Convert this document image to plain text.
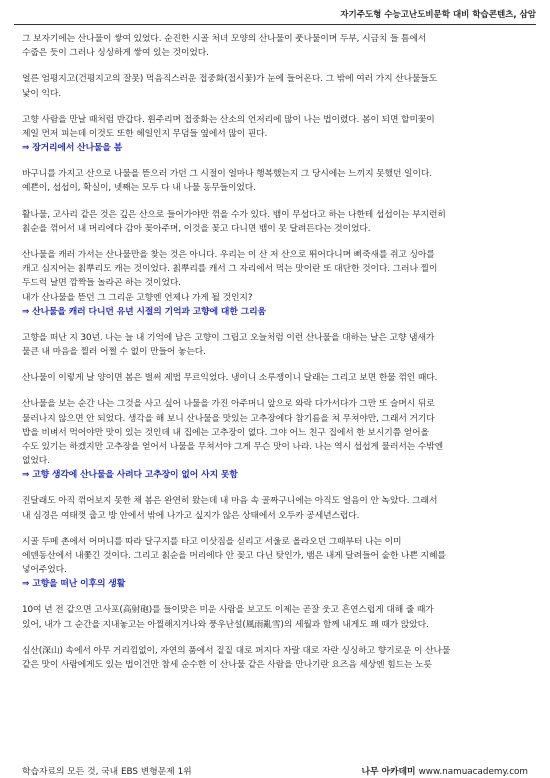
자기주도형 수능고난도비문학 대비 학습콘텐츠, 삼암

그 보자기에는 산나물이 쌓여 있었다. 순진한 시골 처녀 모양의 산나물이 풋나물이며 두부, 시금치 들 틈에서

수줍은 듯이 그러나 싱싱하게 쌓여 있는 것이었다.

얼른 엄평지고(건평지고의 잘못) 먹음직스러운 접중화(접시꽃)가 눈에 들어온다. 그 밖에 여러 가지 산나물들도

낯이 익다.

고향 사람을 만날 때처럼 반갑다. 휜주리며 접중화는 산소의 언저리에 많이 나는 법이렸다. 봄이 되면 할미꽃이

제일 먼저 피는데 이것도 또한 헤일인지 무덤들 옆에서 많이 핀다.

⇒ 장거리에서 산나물을 봄

바구니를 가지고 산으로 나물을 뜯으러 가던 그 시절이 얼마나 행복했는지 그 당시에는 느끼지 못했던 일이다.

예쁜이, 섭섭이, 확실이, 넷째는 모두 다 내 나물 동무들이었다.

활나물, 고사리 같은 것은 깊은 산으로 들어가야만 꺾을 수가 있다. 뱀이 무섭다고 하는 나한테 섭섭이는 부지런히

칡순을 꺾어서 내 머리에다 감아 꽂아주며, 이것을 꽂고 다니면 뱀이 못 달려든다는 것이었다.

산나물을 캐러 가서는 산나물만을 찾는 것은 아니다. 우리는 이 산 저 산으로 뛰어다니며 삐죽새를 쥐고 싱아를

캐고 심지어는 칡뿌리도 캐는 것이었다. 칡뿌리를 캐서 그 자리에서 먹는 맛이란 또 대단한 것이다. 그러나 찔이

두드럭 날면 깜짝들 놀라곤 하는 것이었다.

내가 산나물을 뜯던 그 그리운 고향엔 언제나 가게 될 것인지?

⇒ 산나물을 캐러 다니던 유년 시절의 기억과 고향에 대한 그리움

고향을 떠난 지 30년. 나는 늘 내 기억에 남은 고향이 그립고 오늘처럼 이런 산나물을 대하는 날은 고향 냄새가

물큰 내 마음을 찔러 어쩔 수 없이 만들어 놓는다.

산나물이 이렇게 날 양이면 봄은 벌써 제법 무르익었다. 냉이니 소루쟁이니 달래는 그리고 보면 한물 꺾인 때다.

산나물을 보는 순간 나는 그것을 사고 싶어 나물을 가진 아주머니 앞으로 와락 다가서다가 그만 또 슬며시 뒤로

물러나지 않으면 안 되었다. 생각을 해 보니 산나물을 맛있는 고추장에다 참기름을 쳐 무쳐야만, 그래서 거기다

밥을 비벼서 먹어야만 맛이 있는 것인데 내 집에는 고추장이 없다. 그야 어느 친구 집에서 한 보시기쯤 얻어올

수도 있기는 하겠지만 고추장을 얻어서 나물을 무쳐서야 그게 무슨 맛이 나라. 나는 역시 섭섭게 물러서는 수밖엔

없었다.

⇒ 고향 생각에 산나물을 사려다 고추장이 없어 사지 못함

진달래도 아직 꺾어보지 못한 채 봄은 완연히 왔는데 내 마음 속 골짜구니에는 아직도 얼음이 안 녹았다. 그래서

내 심경은 여태껏 춥고 방 안에서 밖에 나가고 싶지가 않은 상태에서 오두카 공세년스럽다.

시골 두메 촌에서 어머니를 따라 달구지를 타고 이삿짐을 싣리고 서울로 올라오던 그때부터 나는 이미

에덴동산에서 내쫓긴 것이다. 그리고 칡순을 머리에다 안 꽂고 다닌 탓인가, 뱀은 내게 달려들어 숱한 나쁜 지혜를

넣어주었다.

⇒ 고향을 떠난 이후의 생활

10여 년 전 같으면 고사포(高射砲)를 들이맞은 미운 사람을 보고도 이제는 곧잘 웃고 흔연스럽게 대해 줄 때가

있어, 내가 그 순간을 지내놓고는 아찔해지거나와 풍우난설(風雨亂雪)의 세월과 함께 내게도 꽤 때가 앉았다.

심산(深山) 속에서 아무 거리낌없이, 자연의 품에서 짙짙 대로 퍼지다 자랄 대로 자란 싱싱하고 향기로운 이 산나물

같은 맛이 사람에게도 있는 법이건만 참세 순수한 이 산나물 같은 사람을 만나기란 요즈음 세상엔 힘드는 노릇

학습자료의 모든 것, 국내 EBS 변형문제 1위	나무 아카데미 www.namuacademy.com
